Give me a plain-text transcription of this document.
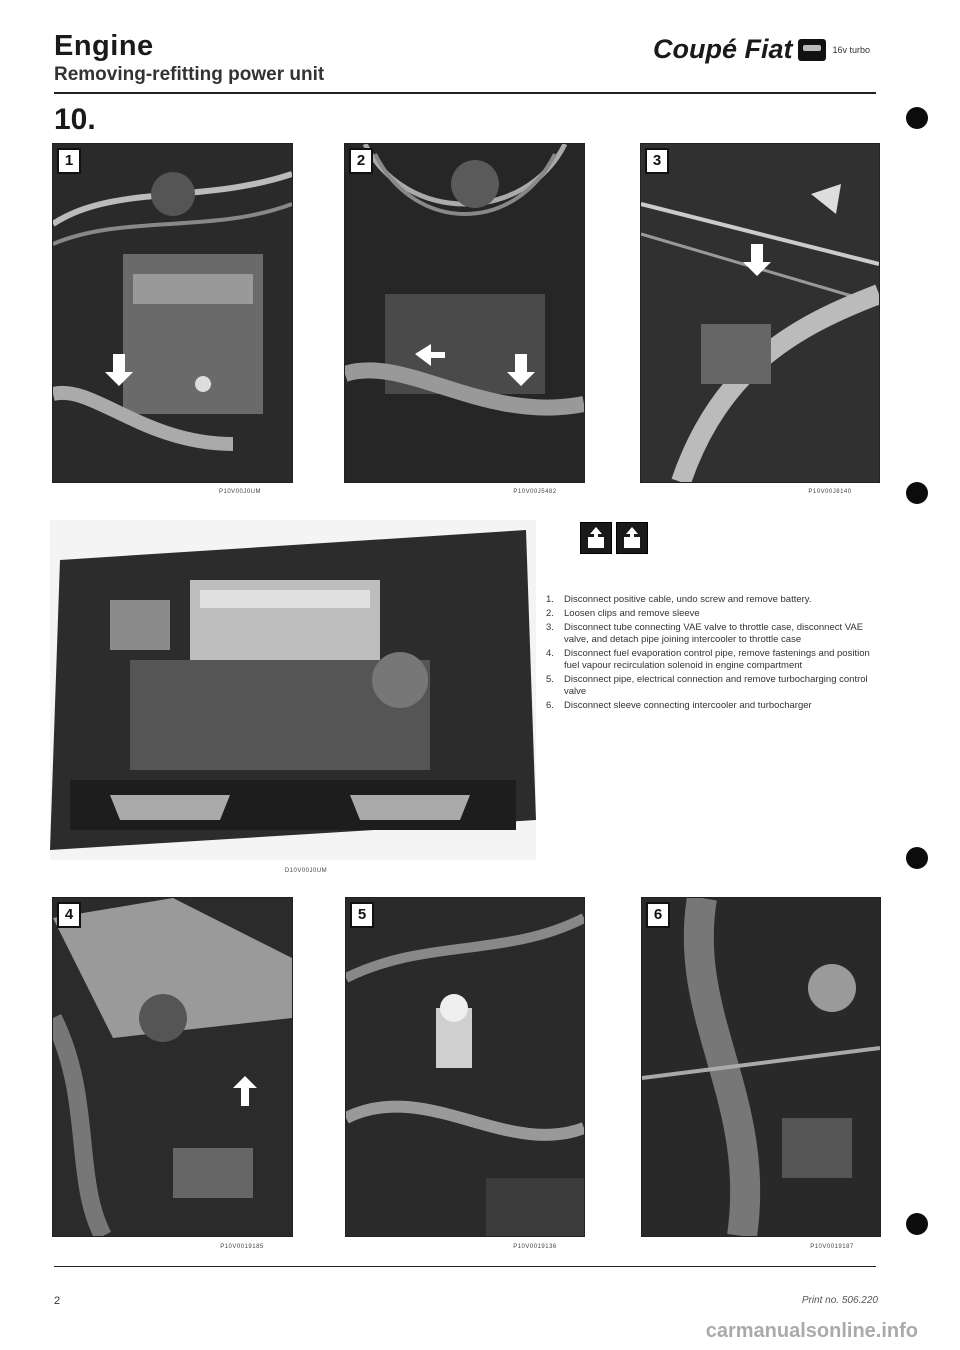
Engine
Removing-refitting power unit
Coupé Fiat	16v turbo
10.
1
P10V00J0UM
2
P10V00J5482
3
P10V00J8140
D10V00J0UM
1. Disconnect positive cable, undo screw and remove battery.
2. Loosen clips and remove sleeve
3. Disconnect tube connecting VAE valve to throttle case, disconnect VAE valve, and detach pipe joining intercooler to throttle case
4. Disconnect fuel evaporation control pipe, remove fastenings and position fuel vapour recirculation solenoid in engine compartment
5. Disconnect pipe, electrical connection and remove turbocharging control valve
6. Disconnect sleeve connecting intercooler and turbocharger
4
P10V0019185
5
P10V0019136
6
P10V0019187
2	Print no. 506.220
carmanualsonline.info
